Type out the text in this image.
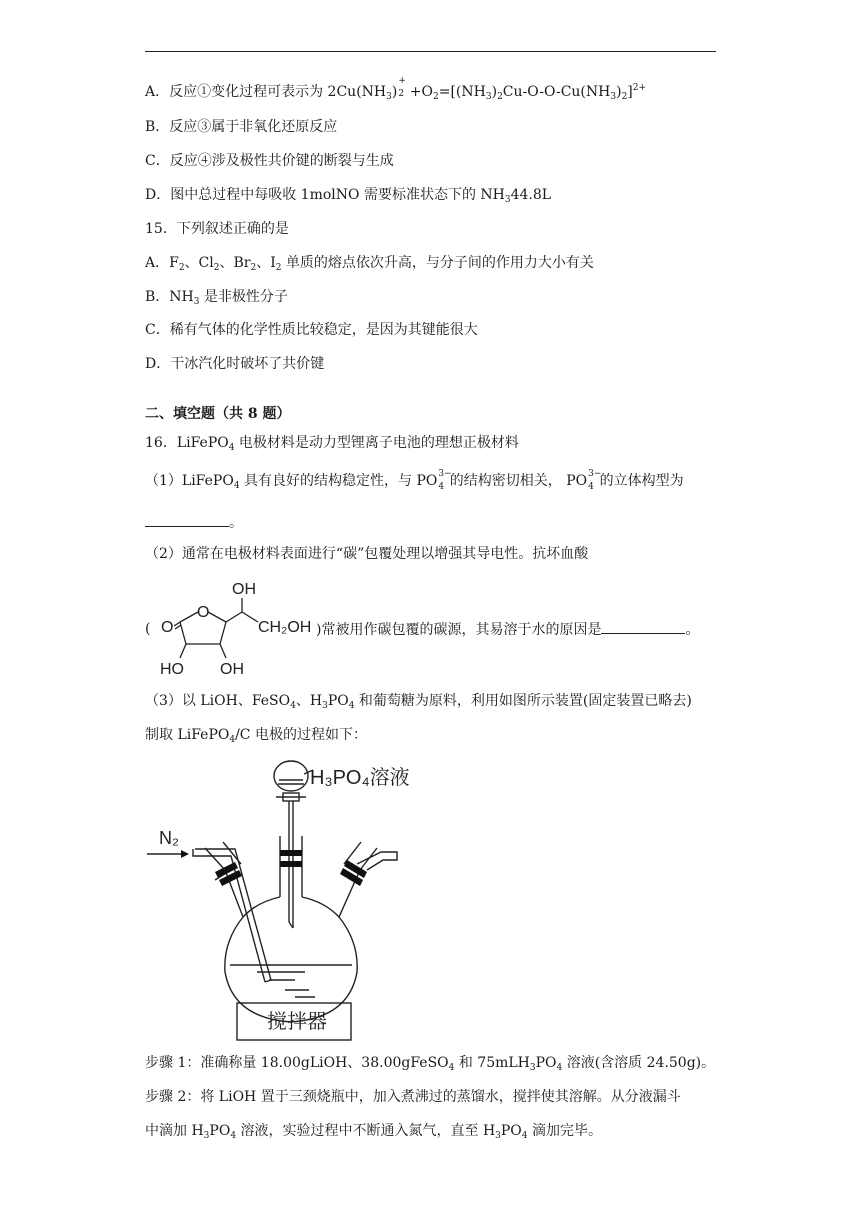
A．反应①变化过程可表示为 $2Cu(NH_3)$
+
$2 +O_2=[(NH_3)_2Cu-O-O-Cu(NH_3)_2]^{2+}$
B．反应③属于非氧化还原反应
C．反应④涉及极性共价键的断裂与生成
D．图中总过程中每吸收 1molNO 需要标准状态下的 $NH_344.8L$
15．下列叙述正确的是
A．$F_2$、$Cl_2$、$Br_2$、$I_2$ 单质的熔点依次升高，与分子间的作用力大小有关
B．$NH_3$ 是非极性分子
C．稀有气体的化学性质比较稳定，是因为其键能很大
D．干冰汽化时破坏了共价键
二、填空题（共 8 题）
16．LiFePO$_4$ 电极材料是动力型锂离子电池的理想正极材料
（1）LiFePO$_4$ 具有良好的结构稳定性，与 PO 3−
4 的结构密切相关， PO 3−
4 的立体构型为
。
（2）通常在电极材料表面进行“碳”包覆处理以增强其导电性。抗坏血酸
O
O
OH
CH₂OH
HO OH
(	)常被用作碳包覆的碳源，其易溶于水的原因是	。
（3）以 LiOH、FeSO$_4$、$H_3PO_4$ 和葡萄糖为原料，利用如图所示装置(固定装置已略去)
制取 LiFePO$_4$/C 电极的过程如下：
H₃PO₄溶液
N₂
搅拌器
步骤 1：准确称量 18.00gLiOH、38.00gFeSO$_4$ 和 $75mLH_3PO_4$ 溶液(含溶质 24.50g)。
步骤 2：将 LiOH 置于三颈烧瓶中，加入煮沸过的蒸馏水，搅拌使其溶解。从分液漏斗
中滴加 $H_3PO_4$ 溶液，实验过程中不断通入氮气，直至 $H_3PO_4$ 滴加完毕。
